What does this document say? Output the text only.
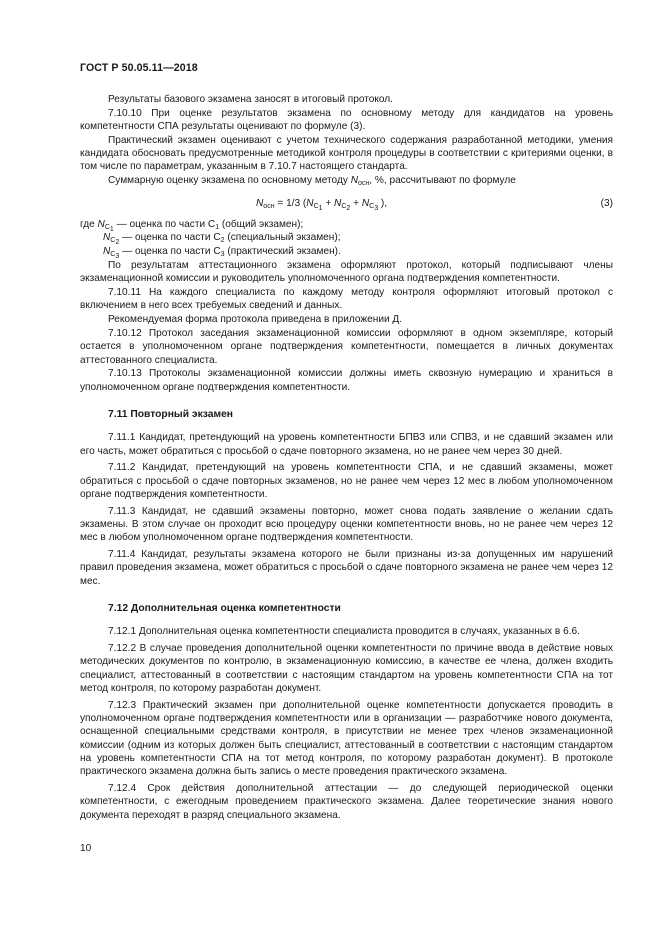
ГОСТ Р 50.05.11—2018

Результаты базового экзамена заносят в итоговый протокол.

7.10.10 При оценке результатов экзамена по основному методу для кандидатов на уровень компетентности СПА результаты оценивают по формуле (3).

Практический экзамен оценивают с учетом технического содержания разработанной методики, умения кандидата обосновать предусмотренные методикой контроля процедуры в соответствии с критериями оценки, в том числе по параметрам, указанным в 7.10.7 настоящего стандарта.

Суммарную оценку экзамена по основному методу $N_{осн}$, %, рассчитывают по формуле

$N_{осн} = 1/3$ ($N_{C_1} + N_{C_2} + N_{C_3}$ ),	(3)

где $N_{C_1}$ — оценка по части $С_1$ (общий экзамен);

$N_{C_2}$ — оценка по части $С_2$ (специальный экзамен);

$N_{C_3}$ — оценка по части $С_3$ (практический экзамен).

По результатам аттестационного экзамена оформляют протокол, который подписывают члены экзаменационной комиссии и руководитель уполномоченного органа подтверждения компетентности.

7.10.11 На каждого специалиста по каждому методу контроля оформляют итоговый протокол с включением в него всех требуемых сведений и данных.

Рекомендуемая форма протокола приведена в приложении Д.

7.10.12 Протокол заседания экзаменационной комиссии оформляют в одном экземпляре, который остается в уполномоченном органе подтверждения компетентности, помещается в личных документах аттестованного специалиста.

7.10.13 Протоколы экзаменационной комиссии должны иметь сквозную нумерацию и храниться в уполномоченном органе подтверждения компетентности.

7.11 Повторный экзамен

7.11.1 Кандидат, претендующий на уровень компетентности БПВЗ или СПВЗ, и не сдавший экзамен или его часть, может обратиться с просьбой о сдаче повторного экзамена, но не ранее чем через 30 дней.

7.11.2 Кандидат, претендующий на уровень компетентности СПА, и не сдавший экзамены, может обратиться с просьбой о сдаче повторных экзаменов, но не ранее чем через 12 мес в любом уполномоченном органе подтверждения компетентности.

7.11.3 Кандидат, не сдавший экзамены повторно, может снова подать заявление о желании сдать экзамены. В этом случае он проходит всю процедуру оценки компетентности вновь, но не ранее чем через 12 мес в любом уполномоченном органе подтверждения компетентности.

7.11.4 Кандидат, результаты экзамена которого не были признаны из-за допущенных им нарушений правил проведения экзамена, может обратиться с просьбой о сдаче повторного экзамена не ранее чем через 12 мес.

7.12 Дополнительная оценка компетентности

7.12.1 Дополнительная оценка компетентности специалиста проводится в случаях, указанных в 6.6.

7.12.2 В случае проведения дополнительной оценки компетентности по причине ввода в действие новых методических документов по контролю, в экзаменационную комиссию, в качестве ее члена, должен входить специалист, аттестованный в соответствии с настоящим стандартом на уровень компетентности СПА на тот метод контроля, по которому разработан документ.

7.12.3 Практический экзамен при дополнительной оценке компетентности допускается проводить в уполномоченном органе подтверждения компетентности или в организации — разработчике нового документа, оснащенной специальными средствами контроля, в присутствии не менее трех членов экзаменационной комиссии (одним из которых должен быть специалист, аттестованный в соответствии с настоящим стандартом на уровень компетентности СПА на тот метод контроля, по которому разработан документ). В протоколе практического экзамена должна быть запись о месте проведения практического экзамена.

7.12.4 Срок действия дополнительной аттестации — до следующей периодической оценки компетентности, с ежегодным проведением практического экзамена. Далее теоретические знания нового документа переходят в разряд специального экзамена.

10
